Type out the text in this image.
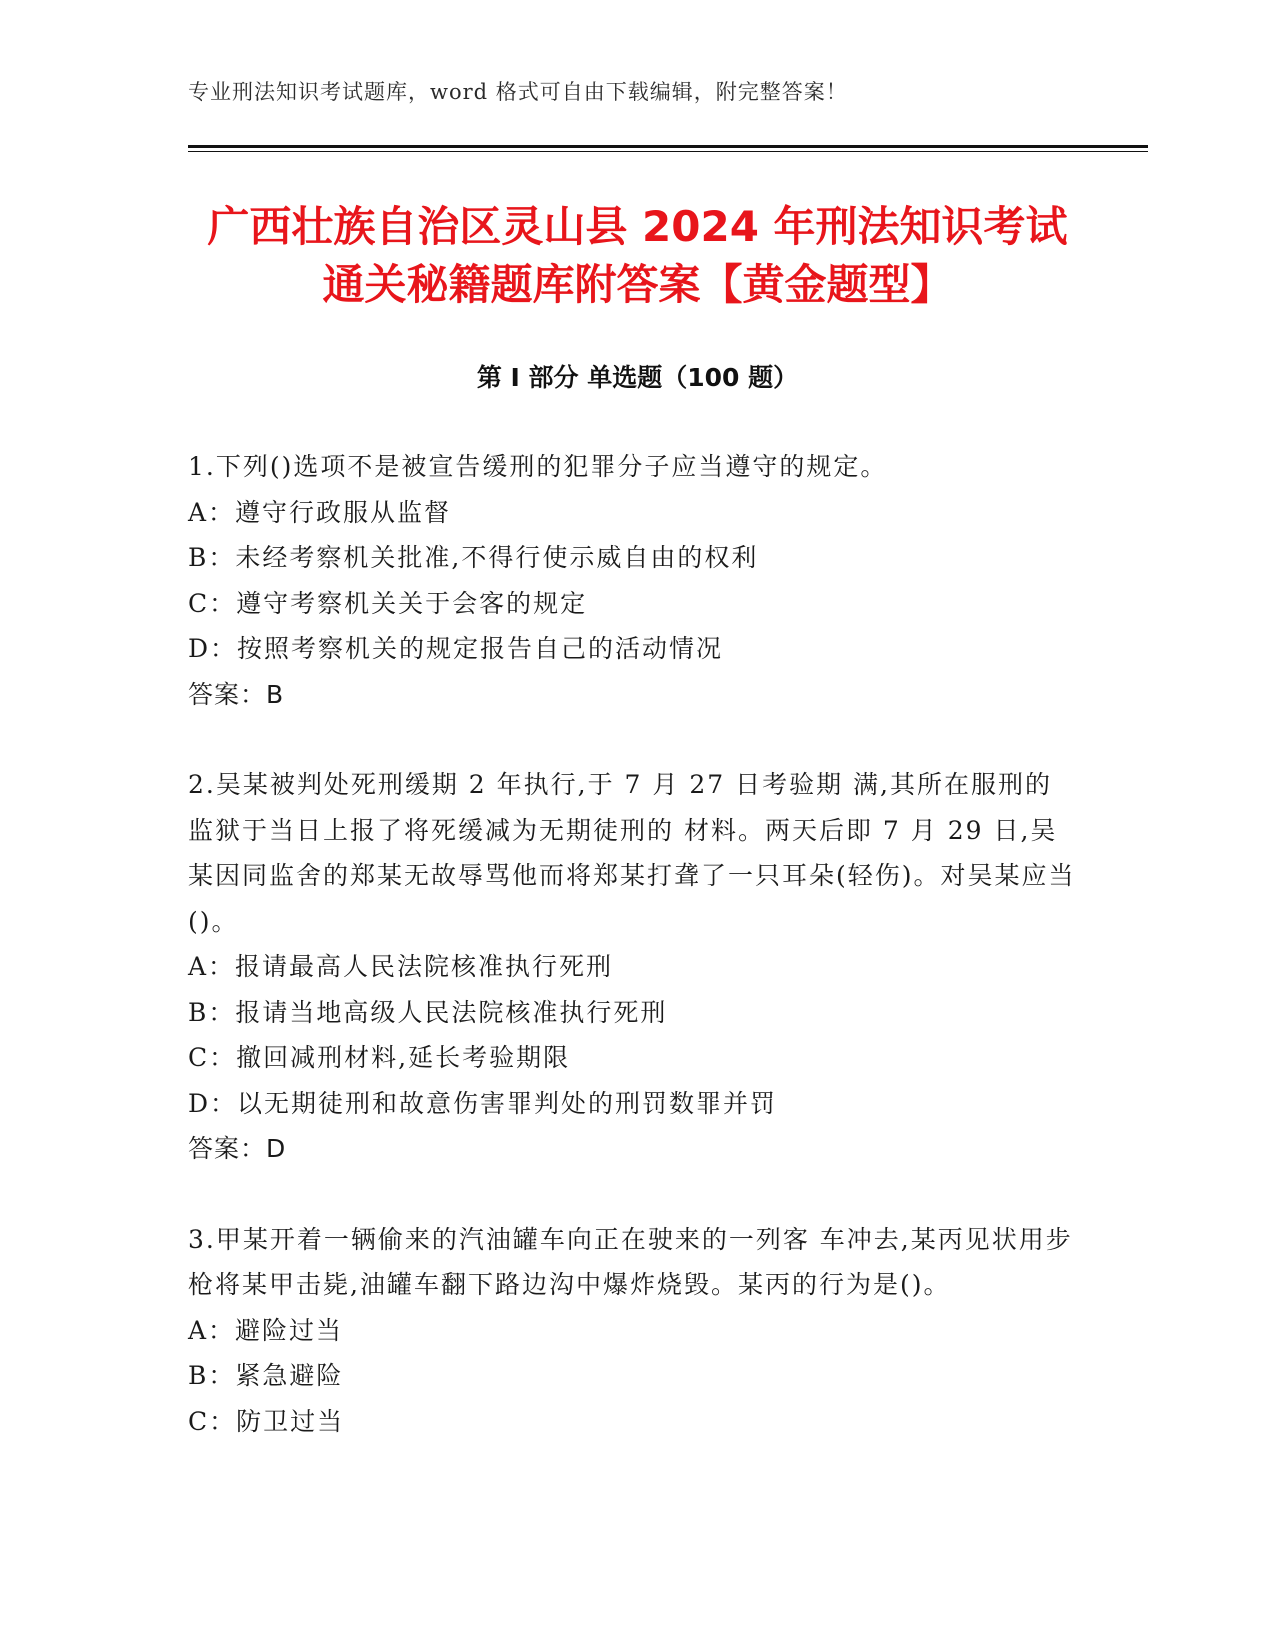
专业刑法知识考试题库，word 格式可自由下载编辑，附完整答案！
广西壮族自治区灵山县 2024 年刑法知识考试
通关秘籍题库附答案【黄金题型】
第 I 部分 单选题（100 题）

1.下列()选项不是被宣告缓刑的犯罪分子应当遵守的规定。

A：遵守行政服从监督

B：未经考察机关批准,不得行使示威自由的权利

C：遵守考察机关关于会客的规定

D：按照考察机关的规定报告自己的活动情况

答案：B

2.吴某被判处死刑缓期 2 年执行,于 7 月 27 日考验期 满,其所在服刑的监狱于当日上报了将死缓减为无期徒刑的 材料。两天后即 7 月 29 日,吴某因同监舍的郑某无故辱骂他而将郑某打聋了一只耳朵(轻伤)。对吴某应当()。

A：报请最高人民法院核准执行死刑

B：报请当地高级人民法院核准执行死刑

C：撤回减刑材料,延长考验期限

D：以无期徒刑和故意伤害罪判处的刑罚数罪并罚

答案：D

3.甲某开着一辆偷来的汽油罐车向正在驶来的一列客 车冲去,某丙见状用步枪将某甲击毙,油罐车翻下路边沟中爆炸烧毁。某丙的行为是()。

A：避险过当

B：紧急避险

C：防卫过当
